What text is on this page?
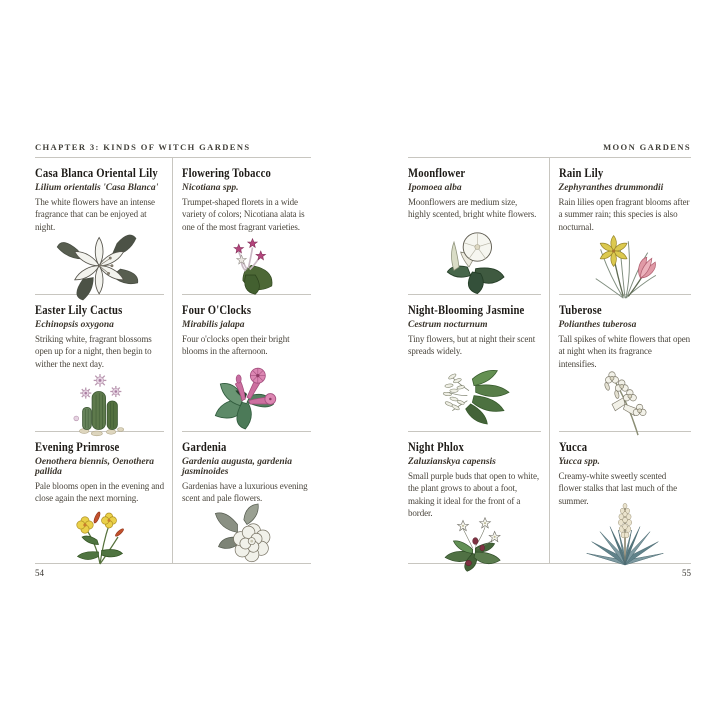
CHAPTER 3: KINDS OF WITCH GARDENS
Casa Blanca Oriental Lily
Lilium orientalis 'Casa Blanca'
The white flowers have an intense fragrance that can be enjoyed at night.
Easter Lily Cactus
Echinopsis oxygona
Striking white, fragrant blossoms open up for a night, then begin to wither the next day.
Evening Primrose
Oenothera biennis, Oenothera pallida
Pale blooms open in the evening and close again the next morning.
Flowering Tobacco
Nicotiana spp.
Trumpet-shaped florets in a wide variety of colors; Nicotiana alata is one of the most fragrant varieties.
Four O'Clocks
Mirabilis jalapa
Four o'clocks open their bright blooms in the afternoon.
Gardenia
Gardenia augusta, gardenia jasminoides
Gardenias have a luxurious evening scent and pale flowers.
54
MOON GARDENS
Moonflower
Ipomoea alba
Moonflowers are medium size, highly scented, bright white flowers.
Night-Blooming Jasmine
Cestrum nocturnum
Tiny flowers, but at night their scent spreads widely.
Night Phlox
Zaluzianskya capensis
Small purple buds that open to white, the plant grows to about a foot, making it ideal for the front of a border.
Rain Lily
Zephyranthes drummondii
Rain lilies open fragrant blooms after a summer rain; this species is also nocturnal.
Tuberose
Polianthes tuberosa
Tall spikes of white flowers that open at night when its fragrance intensifies.
Yucca
Yucca spp.
Creamy-white sweetly scented flower stalks that last much of the summer.
55
